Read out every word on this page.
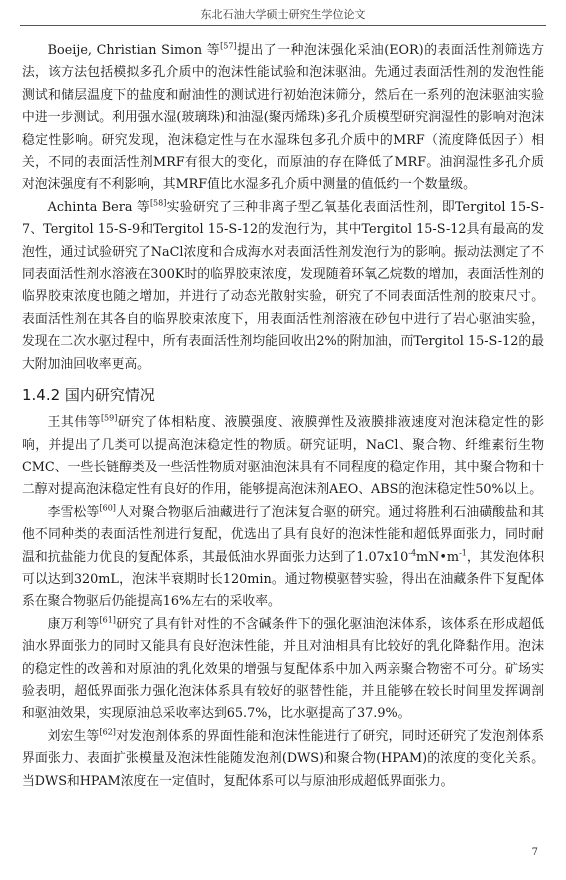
东北石油大学硕士研究生学位论文

Boeije, Christian Simon 等[57]提出了一种泡沫强化采油(EOR)的表面活性剂筛选方法，该方法包括模拟多孔介质中的泡沫性能试验和泡沫驱油。先通过表面活性剂的发泡性能测试和储层温度下的盐度和耐油性的测试进行初始泡沫筛分，然后在一系列的泡沫驱油实验中进一步测试。利用强水湿(玻璃珠)和油湿(聚丙烯珠)多孔介质模型研究润湿性的影响对泡沫稳定性影响。研究发现，泡沫稳定性与在水湿珠包多孔介质中的MRF（流度降低因子）相关，不同的表面活性剂MRF有很大的变化，而原油的存在降低了MRF。油润湿性多孔介质对泡沫强度有不利影响，其MRF值比水湿多孔介质中测量的值低约一个数量级。

Achinta Bera 等[58]实验研究了三种非离子型乙氧基化表面活性剂，即Tergitol 15-S-7、Tergitol 15-S-9和Tergitol 15-S-12的发泡行为，其中Tergitol 15-S-12具有最高的发泡性，通过试验研究了NaCl浓度和合成海水对表面活性剂发泡行为的影响。振动法测定了不同表面活性剂水溶液在300K时的临界胶束浓度，发现随着环氧乙烷数的增加，表面活性剂的临界胶束浓度也随之增加，并进行了动态光散射实验，研究了不同表面活性剂的胶束尺寸。表面活性剂在其各自的临界胶束浓度下，用表面活性剂溶液在砂包中进行了岩心驱油实验，发现在二次水驱过程中，所有表面活性剂均能回收出2%的附加油，而Tergitol 15-S-12的最大附加油回收率更高。

1.4.2 国内研究情况

王其伟等[59]研究了体相粘度、液膜强度、液膜弹性及液膜排液速度对泡沫稳定性的影响，并提出了几类可以提高泡沫稳定性的物质。研究证明，NaCl、聚合物、纤维素衍生物CMC、一些长链醇类及一些活性物质对驱油泡沫具有不同程度的稳定作用，其中聚合物和十二醇对提高泡沫稳定性有良好的作用，能够提高泡沫剂AEO、ABS的泡沫稳定性50%以上。

李雪松等[60]人对聚合物驱后油藏进行了泡沫复合驱的研究。通过将胜利石油磺酸盐和其他不同种类的表面活性剂进行复配，优选出了具有良好的泡沫性能和超低界面张力，同时耐温和抗盐能力优良的复配体系，其最低油水界面张力达到了$1.07x10^{-4}mN•m^{-1}$，其发泡体积可以达到320mL，泡沫半衰期时长120min。通过物模驱替实验，得出在油藏条件下复配体系在聚合物驱后仍能提高16%左右的采收率。

康万利等[61]研究了具有针对性的不含碱条件下的强化驱油泡沫体系，该体系在形成超低油水界面张力的同时又能具有良好泡沫性能，并且对油相具有比较好的乳化降黏作用。泡沫的稳定性的改善和对原油的乳化效果的增强与复配体系中加入两亲聚合物密不可分。矿场实验表明，超低界面张力强化泡沫体系具有较好的驱替性能，并且能够在较长时间里发挥调剖和驱油效果，实现原油总采收率达到65.7%，比水驱提高了37.9%。

刘宏生等[62]对发泡剂体系的界面性能和泡沫性能进行了研究，同时还研究了发泡剂体系界面张力、表面扩张模量及泡沫性能随发泡剂(DWS)和聚合物(HPAM)的浓度的变化关系。当DWS和HPAM浓度在一定值时，复配体系可以与原油形成超低界面张力。

7
